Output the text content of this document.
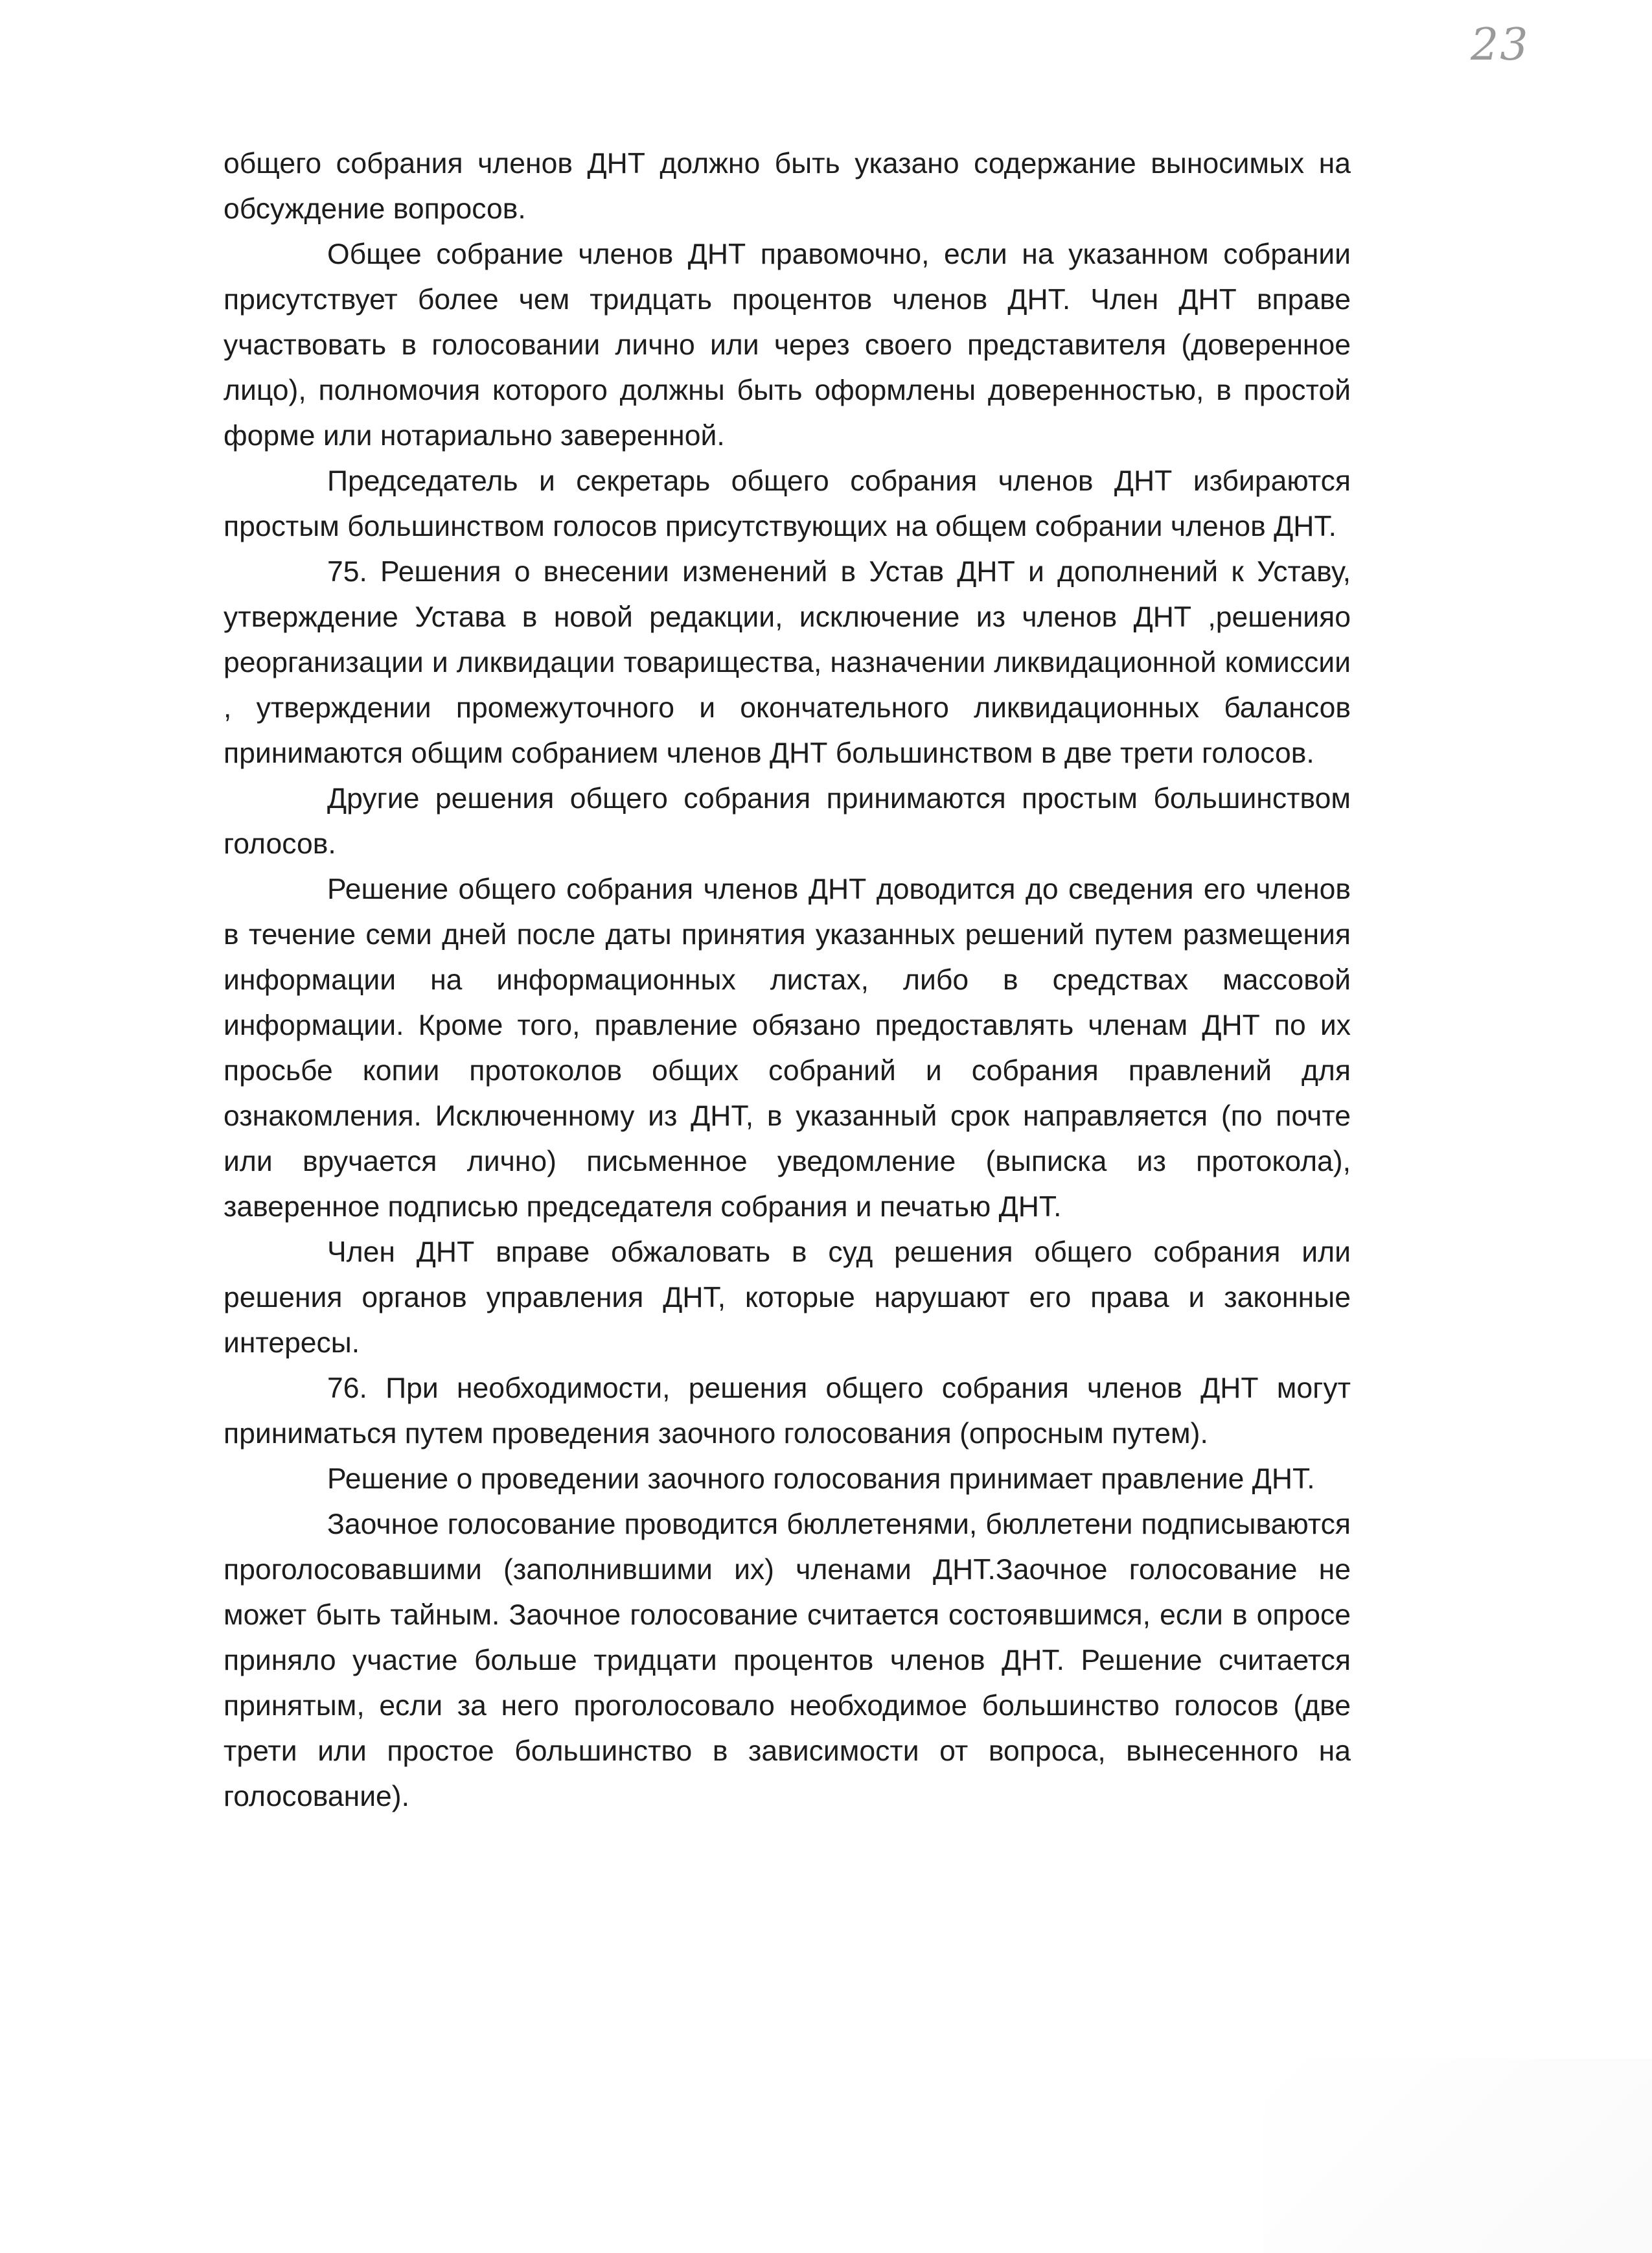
23

общего собрания членов ДНТ должно быть указано содержание выносимых на обсуждение вопросов.

Общее собрание членов ДНТ правомочно, если на указанном собрании присутствует более чем тридцать процентов членов ДНТ. Член ДНТ вправе участвовать в голосовании лично или через своего представителя (доверенное лицо), полномочия которого должны быть оформлены доверенностью, в простой форме или нотариально заверенной.

Председатель и секретарь общего собрания членов ДНТ избираются простым большинством голосов присутствующих на общем собрании членов ДНТ.

75. Решения о внесении изменений в Устав ДНТ и дополнений к Уставу, утверждение Устава в новой редакции, исключение из членов ДНТ ,решенияо реорганизации и ликвидации товарищества, назначении ликвидационной комиссии , утверждении промежуточного и окончательного ликвидационных балансов принимаются общим собранием членов ДНТ большинством в две трети голосов.

Другие решения общего собрания принимаются простым большинством голосов.

Решение общего собрания членов ДНТ доводится до сведения его членов в течение семи дней после даты принятия указанных решений путем размещения информации на информационных листах, либо в средствах массовой информации. Кроме того, правление обязано предоставлять членам ДНТ по их просьбе копии протоколов общих собраний и собрания правлений для ознакомления. Исключенному из ДНТ, в указанный срок направляется (по почте или вручается лично) письменное уведомление (выписка из протокола), заверенное подписью председателя собрания и печатью ДНТ.

Член ДНТ вправе обжаловать в суд решения общего собрания или решения органов управления ДНТ, которые нарушают его права и законные интересы.

76. При необходимости, решения общего собрания членов ДНТ могут приниматься путем проведения заочного голосования (опросным путем).

Решение о проведении заочного голосования принимает правление ДНТ.

Заочное голосование проводится бюллетенями, бюллетени подписываются проголосовавшими (заполнившими их) членами ДНТ.Заочное голосование не может быть тайным. Заочное голосование считается состоявшимся, если в опросе приняло участие больше тридцати процентов членов ДНТ. Решение считается принятым, если за него проголосовало необходимое большинство голосов (две трети или простое большинство в зависимости от вопроса, вынесенного на голосование).
